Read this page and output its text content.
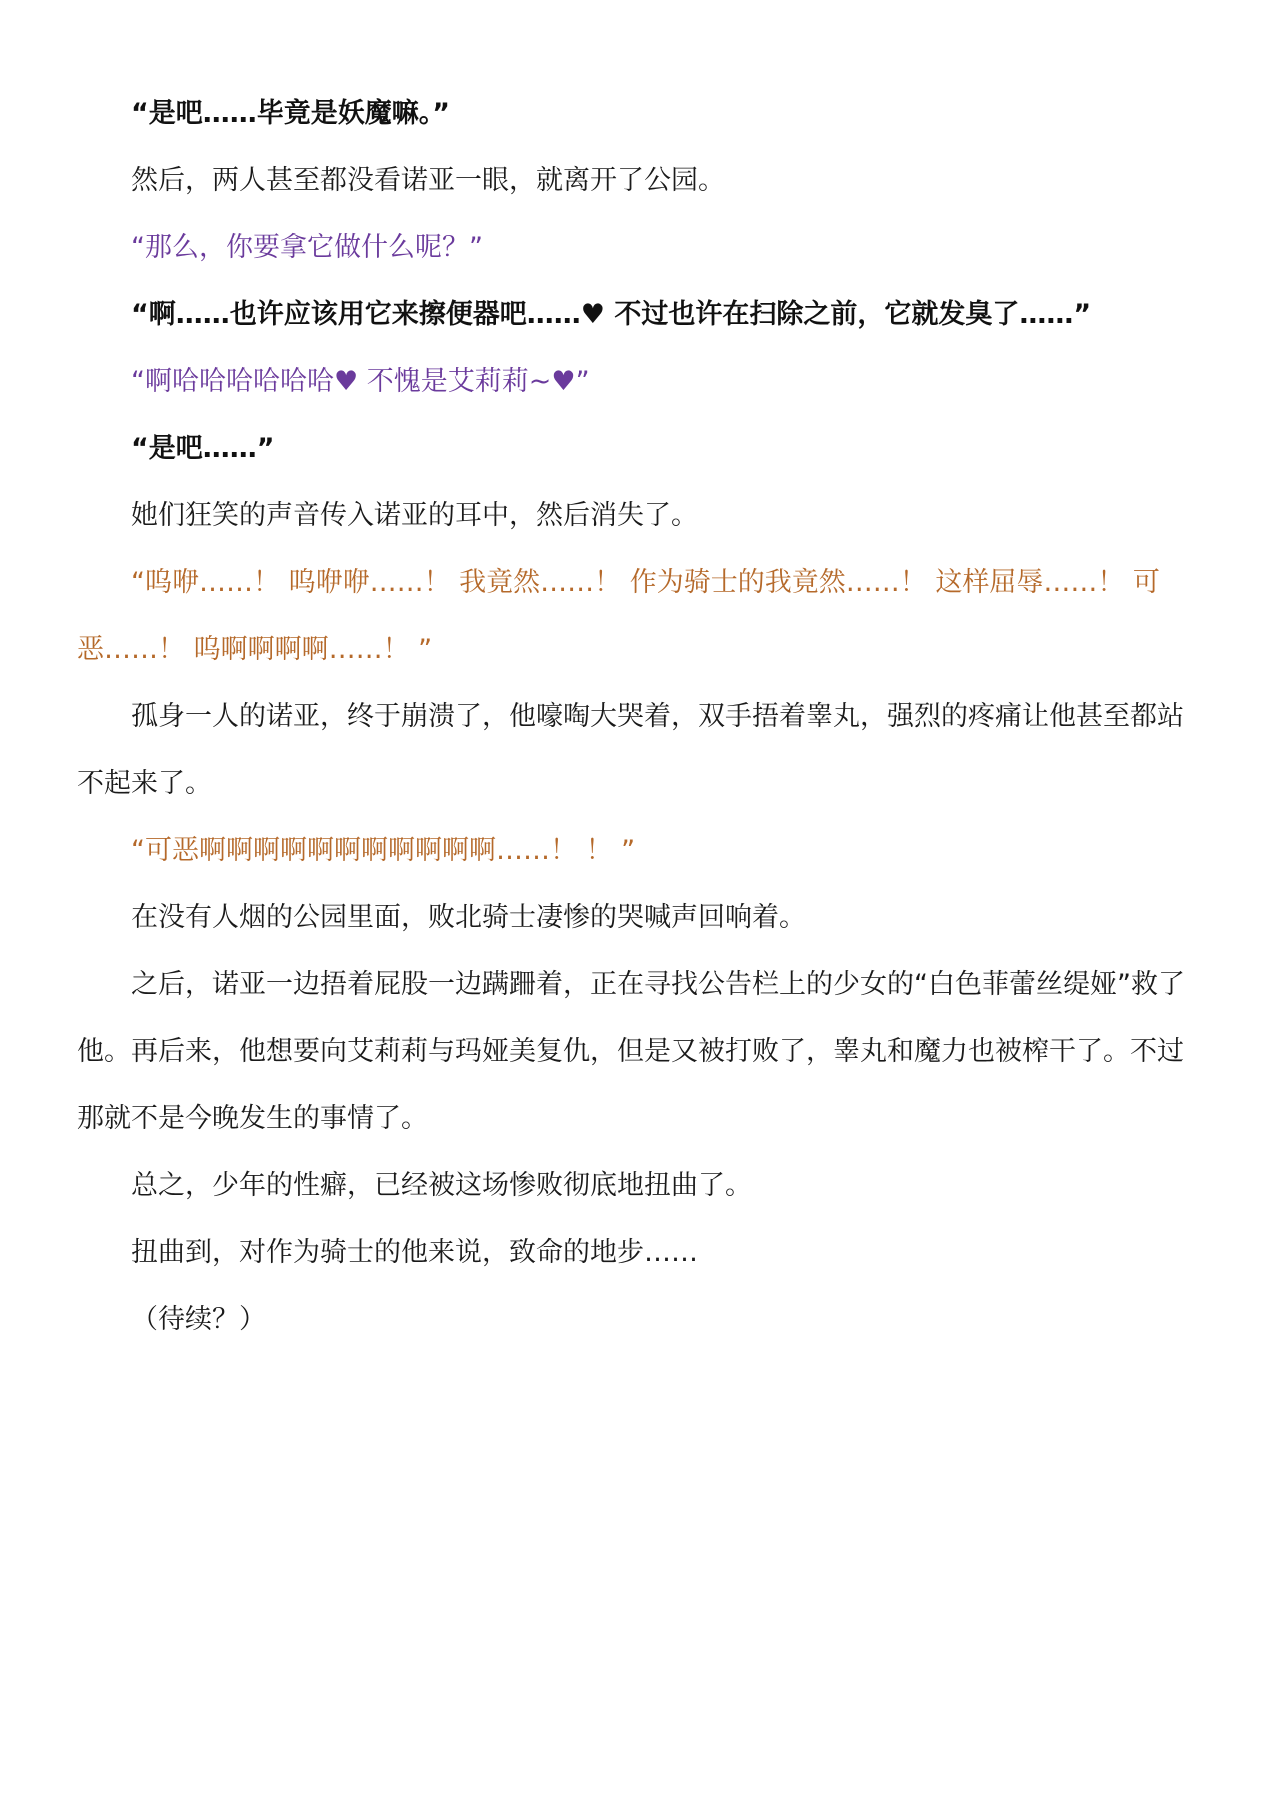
“是吧……毕竟是妖魔嘛。”

然后，两人甚至都没看诺亚一眼，就离开了公园。

“那么，你要拿它做什么呢？”

“啊……也许应该用它来擦便器吧……♥ 不过也许在扫除之前，它就发臭了……”

“啊哈哈哈哈哈哈♥ 不愧是艾莉莉~♥”

“是吧……”

她们狂笑的声音传入诺亚的耳中，然后消失了。

“呜咿……！ 呜咿咿……！ 我竟然……！ 作为骑士的我竟然……！ 这样屈辱……！ 可恶……！ 呜啊啊啊啊……！ ”

孤身一人的诺亚，终于崩溃了，他嚎啕大哭着，双手捂着睾丸，强烈的疼痛让他甚至都站不起来了。

“可恶啊啊啊啊啊啊啊啊啊啊啊……！ ！ ”

在没有人烟的公园里面，败北骑士凄惨的哭喊声回响着。

之后，诺亚一边捂着屁股一边蹒跚着，正在寻找公告栏上的少女的“白色菲蕾丝缇娅”救了他。再后来，他想要向艾莉莉与玛娅美复仇，但是又被打败了，睾丸和魔力也被榨干了。不过那就不是今晚发生的事情了。

总之，少年的性癖，已经被这场惨败彻底地扭曲了。

扭曲到，对作为骑士的他来说，致命的地步……

（待续？）
